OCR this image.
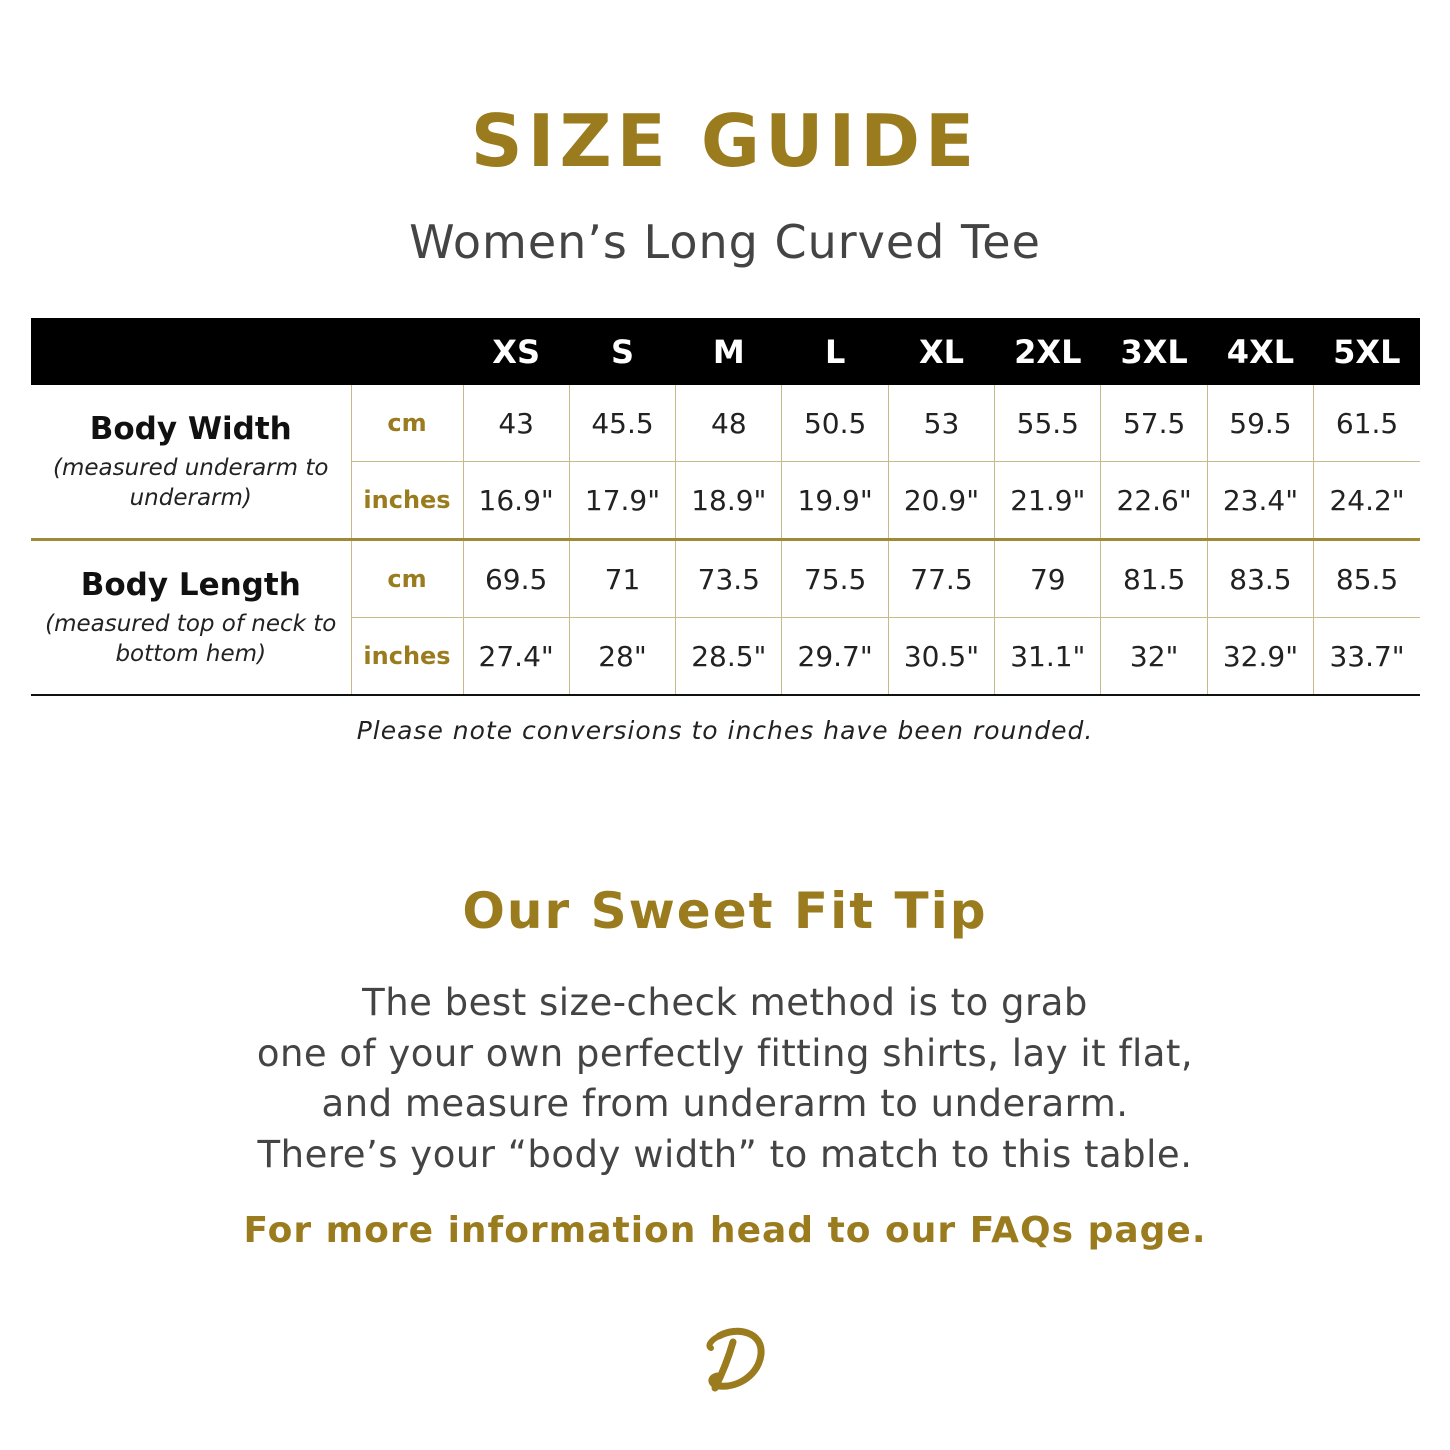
SIZE GUIDE
Women’s Long Curved Tee
		XS	S	M	L	XL	2XL	3XL	4XL	5XL

Body Width
(measured underarm to underarm)	cm	43	45.5	48	50.5	53	55.5	57.5	59.5	61.5
	inches	16.9"	17.9"	18.9"	19.9"	20.9"	21.9"	22.6"	23.4"	24.2"

Body Length
(measured top of neck to bottom hem)	cm	69.5	71	73.5	75.5	77.5	79	81.5	83.5	85.5
	inches	27.4"	28"	28.5"	29.7"	30.5"	31.1"	32"	32.9"	33.7"
Please note conversions to inches have been rounded.
Our Sweet Fit Tip
The best size-check method is to grab
one of your own perfectly fitting shirts, lay it flat,
and measure from underarm to underarm.
There’s your “body width” to match to this table.
For more information head to our FAQs page.
